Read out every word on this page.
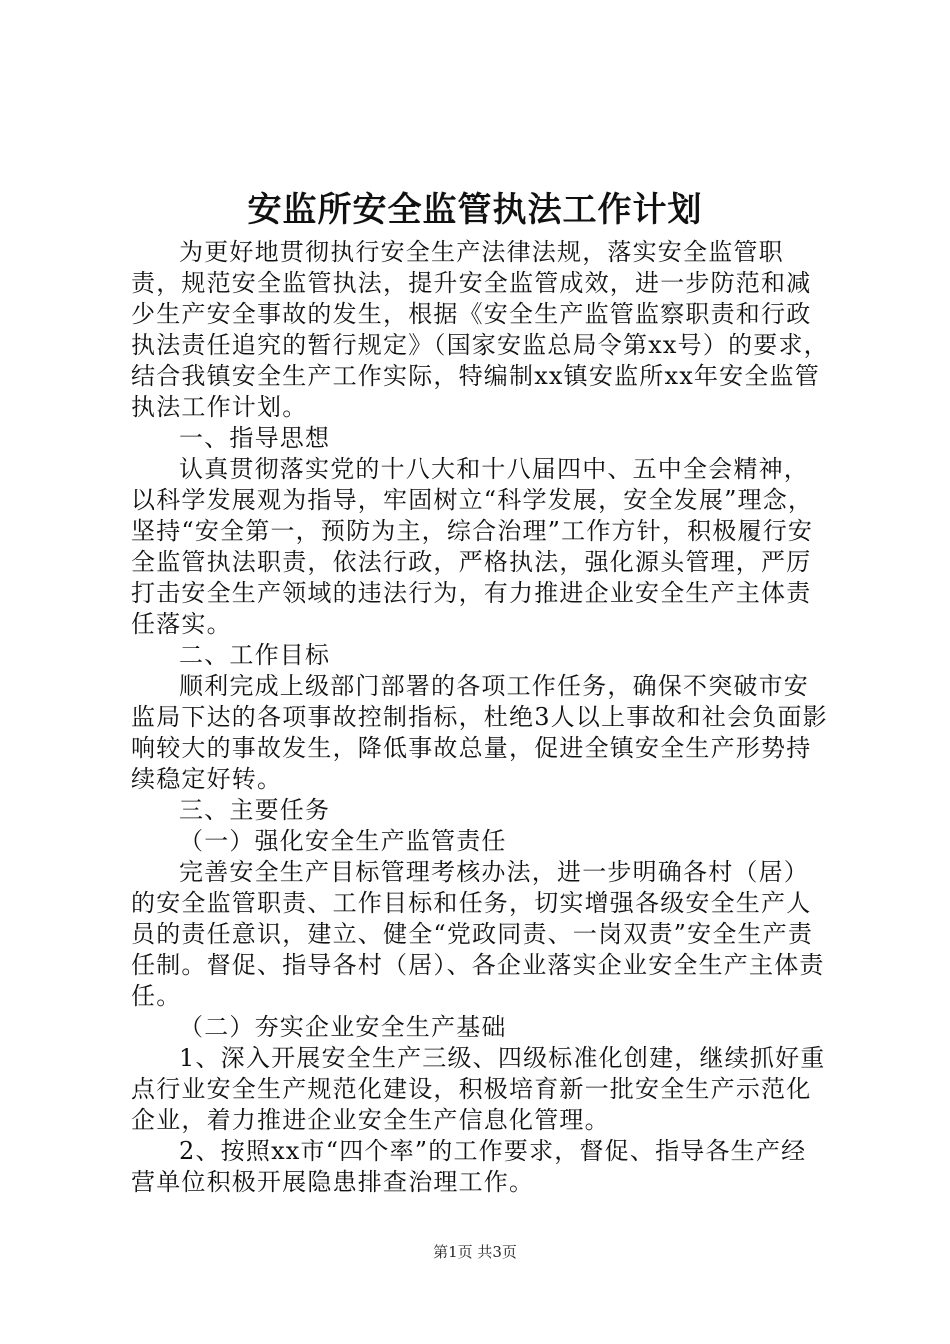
安监所安全监管执法工作计划

为更好地贯彻执行安全生产法律法规，落实安全监管职责，规范安全监管执法，提升安全监管成效，进一步防范和减少生产安全事故的发生，根据《安全生产监管监察职责和行政执法责任追究的暂行规定》（国家安监总局令第xx号）的要求，结合我镇安全生产工作实际，特编制xx镇安监所xx年安全监管执法工作计划。

一、指导思想

认真贯彻落实党的十八大和十八届四中、五中全会精神，以科学发展观为指导，牢固树立“科学发展，安全发展”理念，坚持“安全第一，预防为主，综合治理”工作方针，积极履行安全监管执法职责，依法行政，严格执法，强化源头管理，严厉打击安全生产领域的违法行为，有力推进企业安全生产主体责任落实。

二、工作目标

顺利完成上级部门部署的各项工作任务，确保不突破市安监局下达的各项事故控制指标，杜绝3人以上事故和社会负面影响较大的事故发生，降低事故总量，促进全镇安全生产形势持续稳定好转。

三、主要任务

（一）强化安全生产监管责任

完善安全生产目标管理考核办法，进一步明确各村（居）的安全监管职责、工作目标和任务，切实增强各级安全生产人员的责任意识，建立、健全“党政同责、一岗双责”安全生产责任制。督促、指导各村（居）、各企业落实企业安全生产主体责任。

（二）夯实企业安全生产基础

1、深入开展安全生产三级、四级标准化创建，继续抓好重点行业安全生产规范化建设，积极培育新一批安全生产示范化企业，着力推进企业安全生产信息化管理。

2、按照xx市“四个率”的工作要求，督促、指导各生产经营单位积极开展隐患排查治理工作。

第1页 共3页
